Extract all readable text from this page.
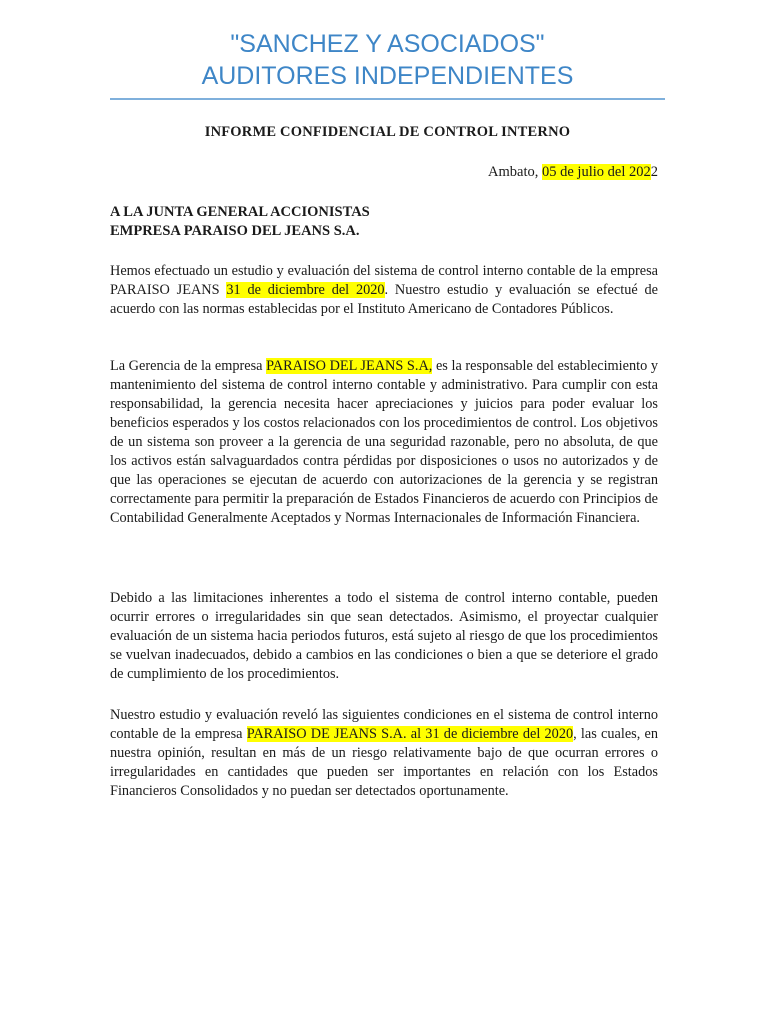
"SANCHEZ Y ASOCIADOS"
AUDITORES INDEPENDIENTES
INFORME CONFIDENCIAL DE CONTROL INTERNO
Ambato, 05 de julio del 2022
A LA JUNTA GENERAL ACCIONISTAS
EMPRESA PARAISO DEL JEANS S.A.
Hemos efectuado un estudio y evaluación del sistema de control interno contable de la empresa PARAISO JEANS 31 de diciembre del 2020. Nuestro estudio y evaluación se efectué de acuerdo con las normas establecidas por el Instituto Americano de Contadores Públicos.
La Gerencia de la empresa PARAISO DEL JEANS S.A, es la responsable del establecimiento y mantenimiento del sistema de control interno contable y administrativo. Para cumplir con esta responsabilidad, la gerencia necesita hacer apreciaciones y juicios para poder evaluar los beneficios esperados y los costos relacionados con los procedimientos de control. Los objetivos de un sistema son proveer a la gerencia de una seguridad razonable, pero no absoluta, de que los activos están salvaguardados contra pérdidas por disposiciones o usos no autorizados y de que las operaciones se ejecutan de acuerdo con autorizaciones de la gerencia y se registran correctamente para permitir la preparación de Estados Financieros de acuerdo con Principios de Contabilidad Generalmente Aceptados y Normas Internacionales de Información Financiera.
Debido a las limitaciones inherentes a todo el sistema de control interno contable, pueden ocurrir errores o irregularidades sin que sean detectados. Asimismo, el proyectar cualquier evaluación de un sistema hacia periodos futuros, está sujeto al riesgo de que los procedimientos se vuelvan inadecuados, debido a cambios en las condiciones o bien a que se deteriore el grado de cumplimiento de los procedimientos.
Nuestro estudio y evaluación reveló las siguientes condiciones en el sistema de control interno contable de la empresa PARAISO DE JEANS S.A. al 31 de diciembre del 2020, las cuales, en nuestra opinión, resultan en más de un riesgo relativamente bajo de que ocurran errores o irregularidades en cantidades que pueden ser importantes en relación con los Estados Financieros Consolidados y no puedan ser detectados oportunamente.
